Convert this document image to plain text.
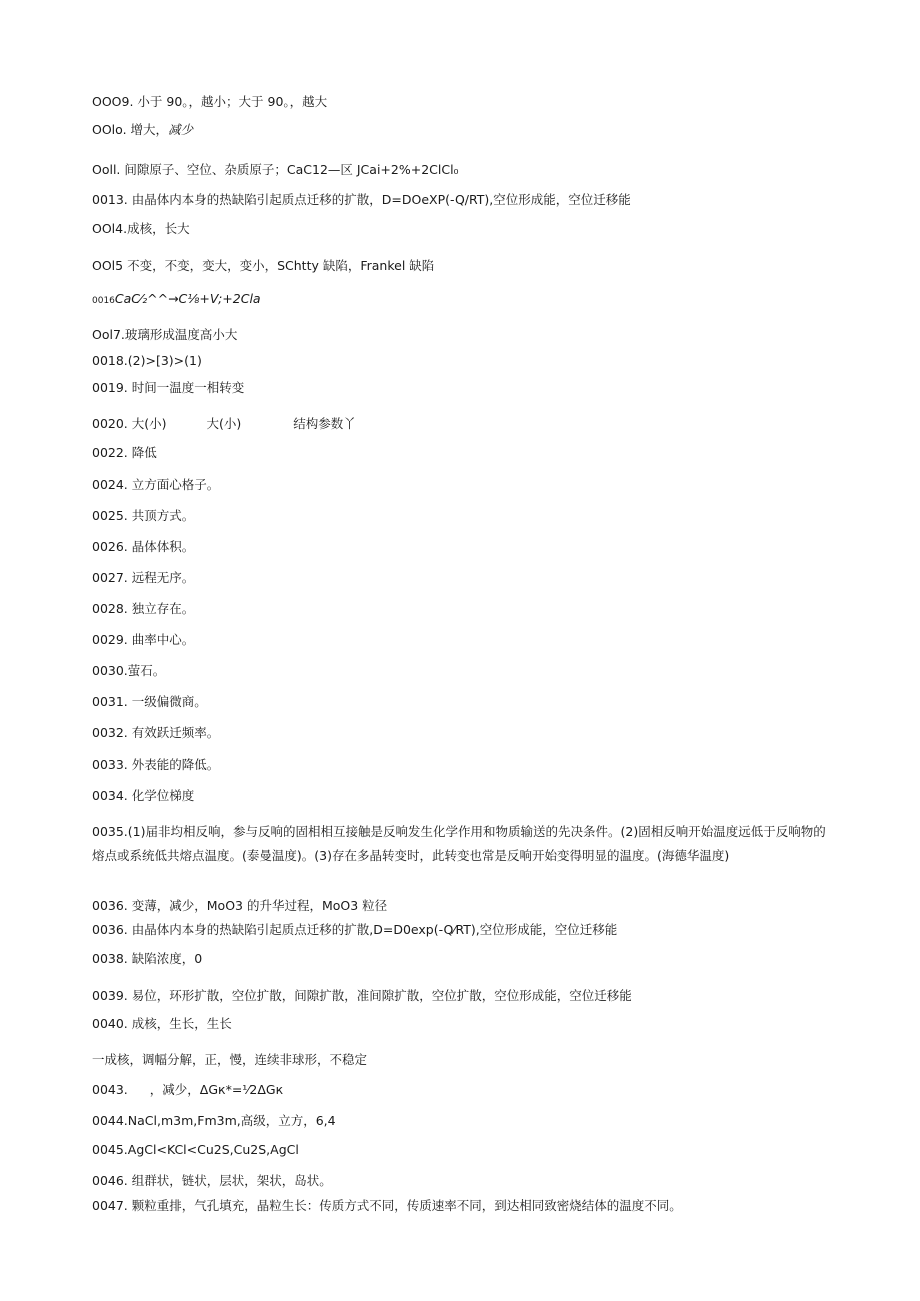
OOO9. 小于 90。，越小；大于 90。，越大
OOlo. 增大，减少
Ooll. 间隙原子、空位、杂质原子；CaC12—区 JCai+2%+2ClCl₀
0013. 由晶体内本身的热缺陷引起质点迁移的扩散，D=DOeXP(-Q/RT),空位形成能，空位迁移能
OOl4.成核，长大
OOl5 不变，不变，变大，变小，SChtty 缺陷，Frankel 缺陷
0016CaC⁄₂^^→C⅛+V;+2Cla
Ool7.玻璃形成温度高小大
0018.(2)>[3)>(1)
0019. 时间一温度一相转变
0020. 大(小)	大(小)	结构参数丫
0022. 降低
0024. 立方面心格子。
0025. 共顶方式。
0026. 晶体体积。
0027. 远程无序。
0028. 独立存在。
0029. 曲率中心。
0030.萤石。
0031. 一级偏微商。
0032. 有效跃迁频率。
0033. 外表能的降低。
0034. 化学位梯度
0035.(1)届非均相反响，参与反响的固相相互接触是反响发生化学作用和物质输送的先决条件。(2)固相反响开始温度远低于反响物的熔点或系统低共熔点温度。(泰曼温度)。(3)存在多晶转变时，此转变也常是反响开始变得明显的温度。(海德华温度)
0036. 变薄，减少，MoO3 的升华过程，MoO3 粒径
0036. 由晶体内本身的热缺陷引起质点迁移的扩散,D=D0exp(-Q⁄RT),空位形成能，空位迁移能
0038. 缺陷浓度，0
0039. 易位，环形扩散，空位扩散，间隙扩散，准间隙扩散，空位扩散，空位形成能，空位迁移能
0040. 成核，生长，生长
一成核，调幅分解，正，慢，连续非球形，不稳定
0043. ，减少，ΔGк*=⅟2ΔGк
0044.NaCl,m3m,Fm3m,高级，立方，6,4
0045.AgCl<KCl<Cu2S,Cu2S,AgCl
0046. 组群状，链状，层状，架状，岛状。
0047. 颗粒重排，气孔填充，晶粒生长：传质方式不同，传质速率不同，到达相同致密烧结体的温度不同。
